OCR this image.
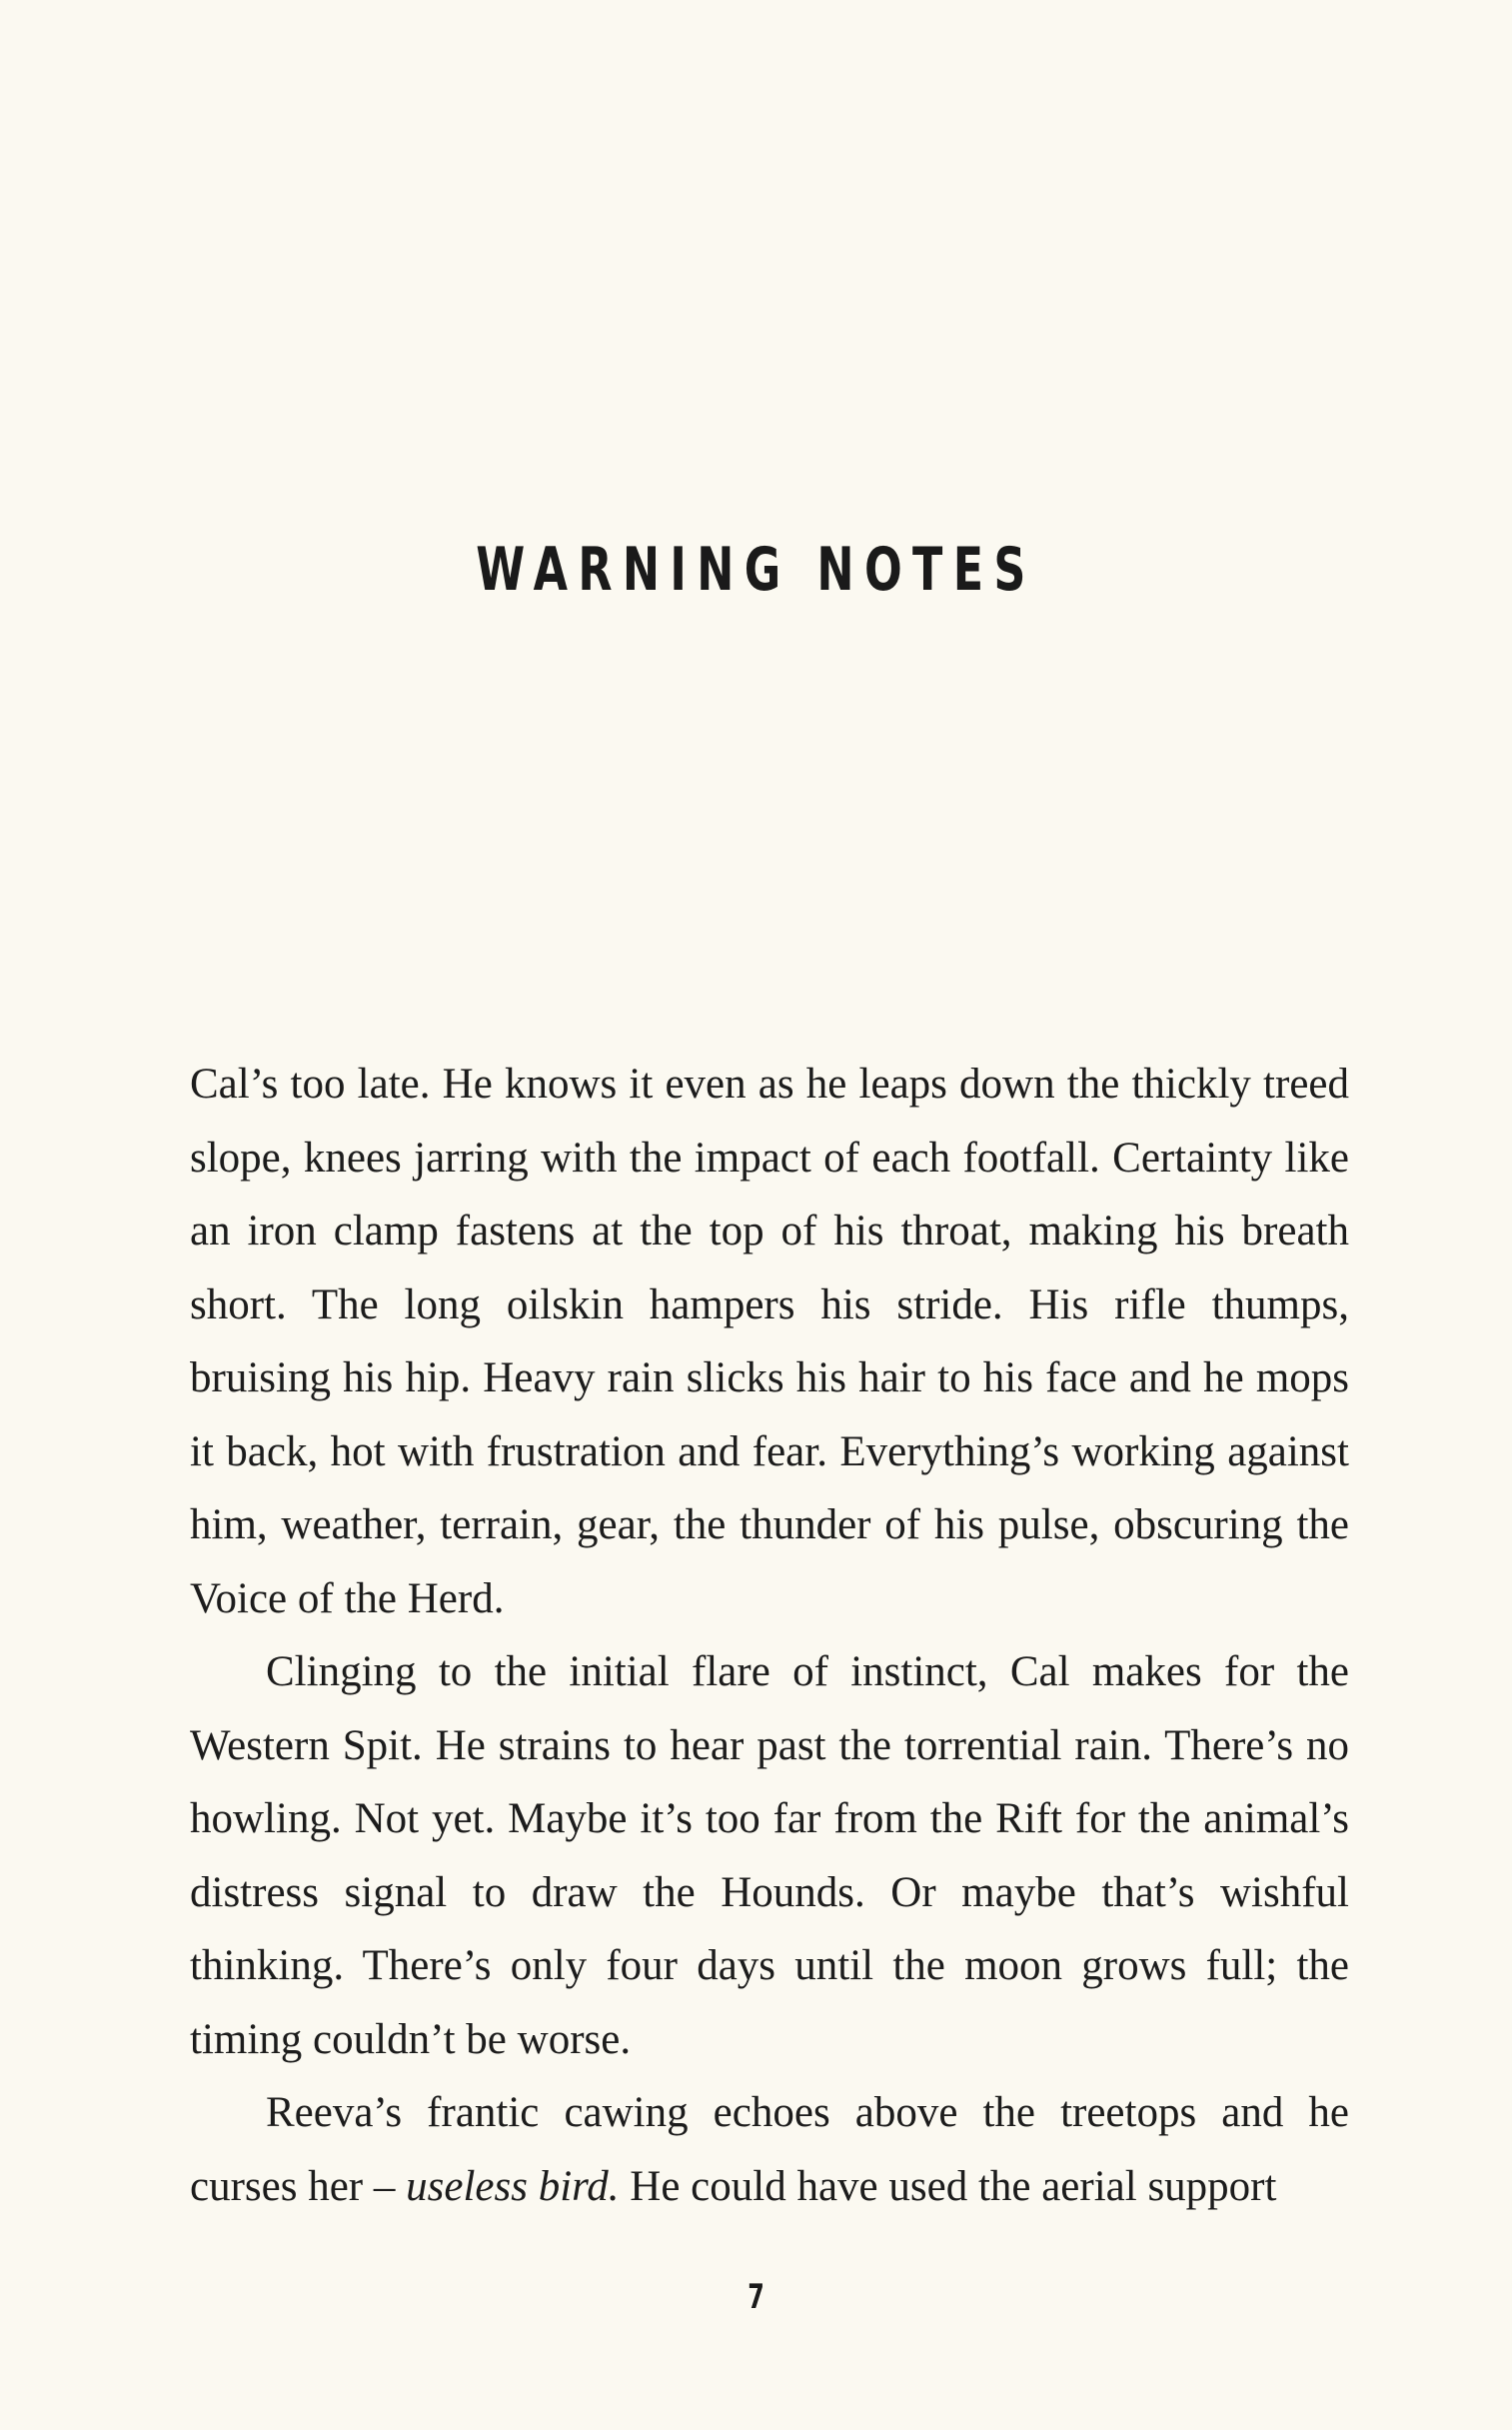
WARNING NOTES

Cal’s too late. He knows it even as he leaps down the thickly treed slope, knees jarring with the impact of each footfall. Certainty like an iron clamp fastens at the top of his throat, making his breath short. The long oilskin hampers his stride. His rifle thumps, bruising his hip. Heavy rain slicks his hair to his face and he mops it back, hot with frustration and fear. Everything’s working against him, weather, terrain, gear, the thunder of his pulse, obscuring the Voice of the Herd.

Clinging to the initial flare of instinct, Cal makes for the Western Spit. He strains to hear past the torrential rain. There’s no howling. Not yet. Maybe it’s too far from the Rift for the animal’s distress signal to draw the Hounds. Or maybe that’s wishful thinking. There’s only four days until the moon grows full; the timing couldn’t be worse.

Reeva’s frantic cawing echoes above the treetops and he curses her – useless bird. He could have used the aerial support

7
